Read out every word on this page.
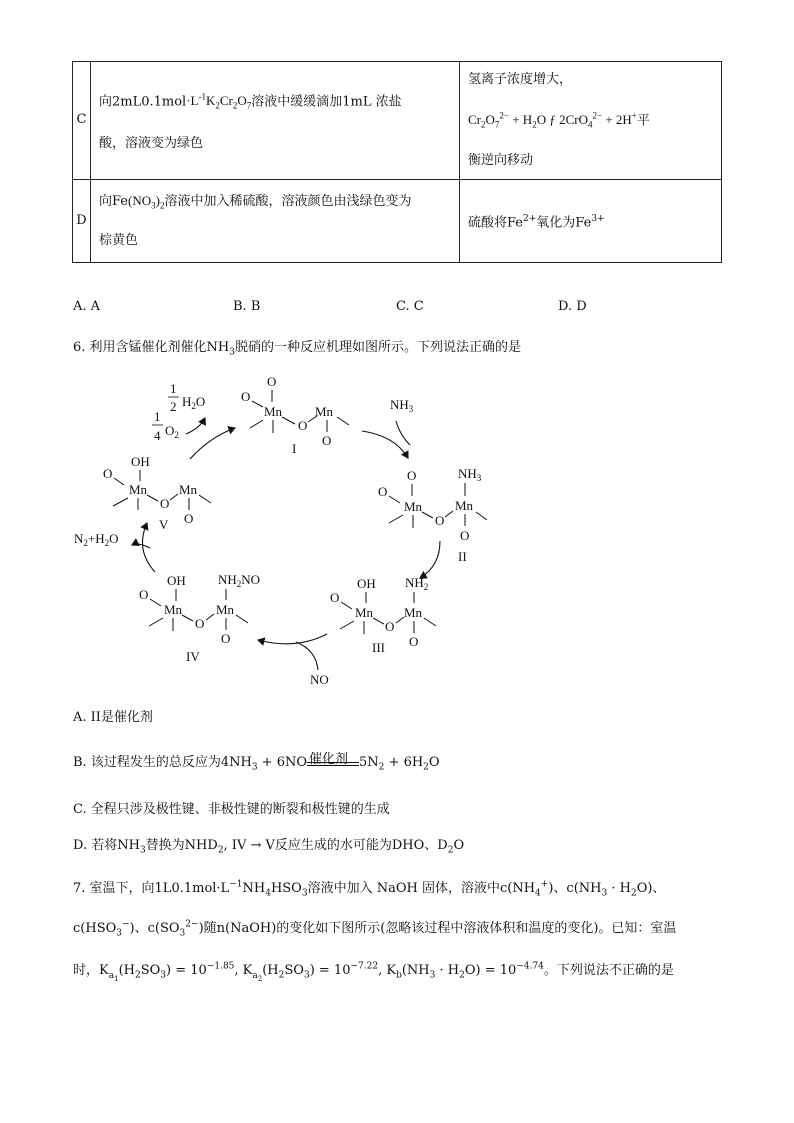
C	向$2mL0.1mol\cdot L^{-1}K_2Cr_2O_7$溶液中缓缓滴加1mL 浓盐
酸，溶液变为绿色	氢离子浓度增大，
$Cr_2O_7^{2-} + H_2O$ ƒ 2CrO$_4^{2-}$ + 2H+平
衡逆向移动
D	向$Fe(NO_3)_2$溶液中加入稀硫酸，溶液颜色由浅绿色变为
棕黄色	硫酸将$Fe^{2+}$氧化为$Fe^{3+}$
A. A	B. B	C. C	D. D
6. 利用含锰催化剂催化$NH_3$脱硝的一种反应机理如图所示。下列说法正确的是
O
O
Mn
O
Mn
O
I
O
O
Mn
O
$NH_3$
Mn
O
II
OH
O
Mn
O
$NH_2$
Mn
O
III
OH
O
Mn
O
$NH_2NO$
Mn
O
IV
OH
O
Mn
O
Mn
O
V
$NH_3$
NO
$N_2+H_2O$
1
2 $H_2O$
1
4 $O_2$
A. II是催化剂
B. 该过程发生的总反应为$4NH_3 + 6NO$ 催化剂 $5N_2 + 6H_2O$
C. 全程只涉及极性键、非极性键的断裂和极性键的生成
D. 若将$NH_3$替换为$NHD_2$, IV → V反应生成的水可能为DHO、$D_2O$
7. 室温下，向$1L0.1mol\cdot L^{-1}NH_4HSO_3$溶液中加入 NaOH 固体，溶液中$c(NH_4^+)$、$c(NH_3 \cdot H_2O)$、
$c(HSO_3^-)$、$c(SO_3^{2-})$随n(NaOH)的变化如下图所示(忽略该过程中溶液体积和温度的变化)。已知：室温
时，$K_{a_1}(H_2SO_3) = 10^{-1.85}$, $K_{a_2}(H_2SO_3) = 10^{-7.22}$, $K_b(NH_3 \cdot H_2O) = 10^{-4.74}$。下列说法不正确的是
